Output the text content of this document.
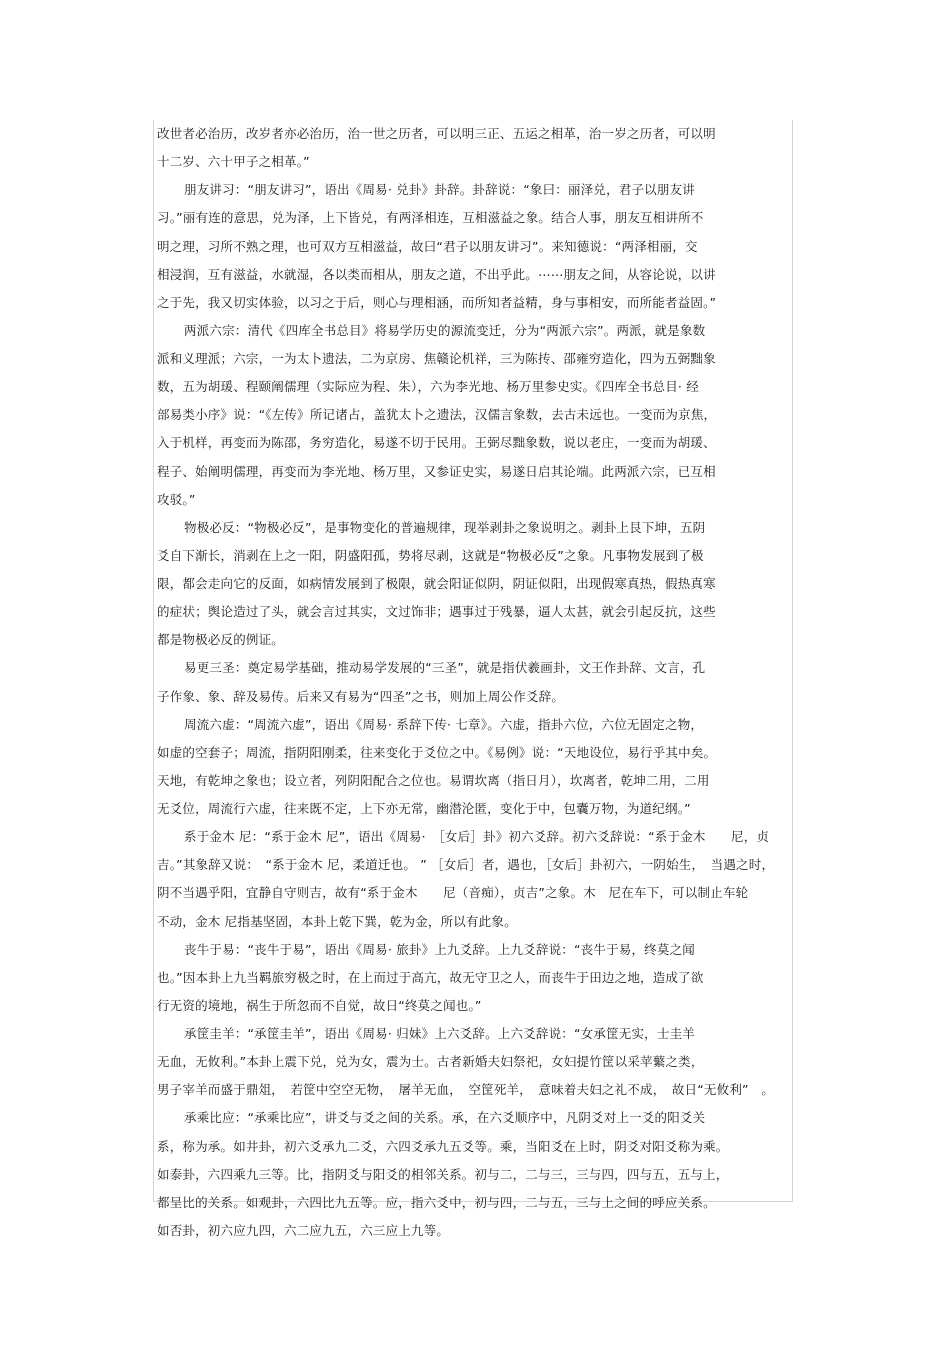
改世者必治历，改岁者亦必治历，治一世之历者，可以明三正、五运之相革，治一岁之历者，可以明
十二岁、六十甲子之相革。”
朋友讲习：“朋友讲习”，语出《周易· 兑卦》卦辞。卦辞说：“象曰：丽泽兑，君子以朋友讲
习。”丽有连的意思，兑为泽，上下皆兑，有两泽相连，互相滋益之象。结合人事，朋友互相讲所不
明之理，习所不熟之理，也可双方互相滋益，故曰“君子以朋友讲习”。来知德说：“两泽相丽，交
相浸润，互有滋益，水就湿，各以类而相从，朋友之道，不出乎此。⋯⋯朋友之间，从容论说，以讲
之于先，我又切实体验，以习之于后，则心与理相涵，而所知者益精，身与事相安，而所能者益固。”
两派六宗：清代《四库全书总目》将易学历史的源流变迁，分为“两派六宗”。两派，就是象数
派和义理派；六宗，一为太卜遗法，二为京房、焦赣论机祥，三为陈抟、邵雍穷造化，四为五弼黜象
数，五为胡瑗、程颐阐儒理（实际应为程、朱），六为李光地、杨万里参史实。《四库全书总目· 经
部易类小序》说：“《左传》所记诸占，盖犹太卜之遗法，汉儒言象数，去古未远也。一变而为京焦，
入于机样，再变而为陈邵，务穷造化，易遂不切于民用。王弼尽黜象数，说以老庄，一变而为胡瑗、
程子、始阐明儒理，再变而为李光地、杨万里，又参证史实，易遂日启其论端。此两派六宗，已互相
攻驳。”
物极必反：“物极必反”，是事物变化的普遍规律，现举剥卦之象说明之。剥卦上艮下坤，五阴
爻自下渐长，消剥在上之一阳，阴盛阳孤，势将尽剥，这就是“物极必反”之象。凡事物发展到了极
限，都会走向它的反面，如病情发展到了极限，就会阳证似阴，阴证似阳，出现假寒真热，假热真寒
的症状；舆论造过了头，就会言过其实，文过饰非；遇事过于残暴，逼人太甚，就会引起反抗，这些
都是物极必反的例证。
易更三圣：奠定易学基础，推动易学发展的“三圣”，就是指伏羲画卦，文王作卦辞、文言，孔
子作象、象、辞及易传。后来又有易为“四圣”之书，则加上周公作爻辞。
周流六虚：“周流六虚”，语出《周易· 系辞下传· 七章》。六虚，指卦六位，六位无固定之物，
如虚的空套子；周流，指阴阳刚柔，往来变化于爻位之中。《易例》说：“天地设位，易行乎其中矣。
天地，有乾坤之象也；设立者，列阴阳配合之位也。易谓坎离（指日月），坎离者，乾坤二用，二用
无爻位，周流行六虚，往来既不定，上下亦无常，幽潜沦匿，变化于中，包囊万物，为道纪纲。”
系于金木 尼：“系于金木 尼”，语出《周易·　［女后］卦》初六爻辞。初六爻辞说：“系于金木　　尼，贞
吉。”其象辞又说：　“系于金木 尼，柔道迁也。 ” ［女后］者，遇也，［女后］卦初六，一阴始生，　当遇之时，
阴不当遇乎阳，宜静自守则吉，故有“系于金木　　尼（音痴），贞吉”之象。木　尼在车下，可以制止车轮
不动，金木 尼指基坚固，本卦上乾下巽，乾为金，所以有此象。
丧牛于易：“丧牛于易”，语出《周易· 旅卦》上九爻辞。上九爻辞说：“丧牛于易，终莫之闻
也。”因本卦上九当羁旅穷极之时，在上而过于高亢，故无守卫之人，而丧牛于田边之地，造成了欲
行无资的境地，祸生于所忽而不自觉，故日“终莫之闻也。”
承筐圭羊：“承筐圭羊”，语出《周易· 归妹》上六爻辞。上六爻辞说：“女承筐无实，士圭羊
无血，无攸利。”本卦上震下兑，兑为女，震为士。古者新婚夫妇祭祀，女妇提竹筐以采苹蘩之类，
男子宰羊而盛于鼎俎，　若筐中空空无物，　屠羊无血，　空筐死羊，　意味着夫妇之礼不成，　故日“无攸利”　。
承乘比应：“承乘比应”，讲爻与爻之间的关系。承，在六爻顺序中，凡阴爻对上一爻的阳爻关
系，称为承。如井卦，初六爻承九二爻，六四爻承九五爻等。乘，当阳爻在上时，阴爻对阳爻称为乘。
如泰卦，六四乘九三等。比，指阴爻与阳爻的相邻关系。初与二，二与三，三与四，四与五，五与上，
都呈比的关系。如观卦，六四比九五等。应，指六爻中，初与四，二与五，三与上之间的呼应关系。
如否卦，初六应九四，六二应九五，六三应上九等。
